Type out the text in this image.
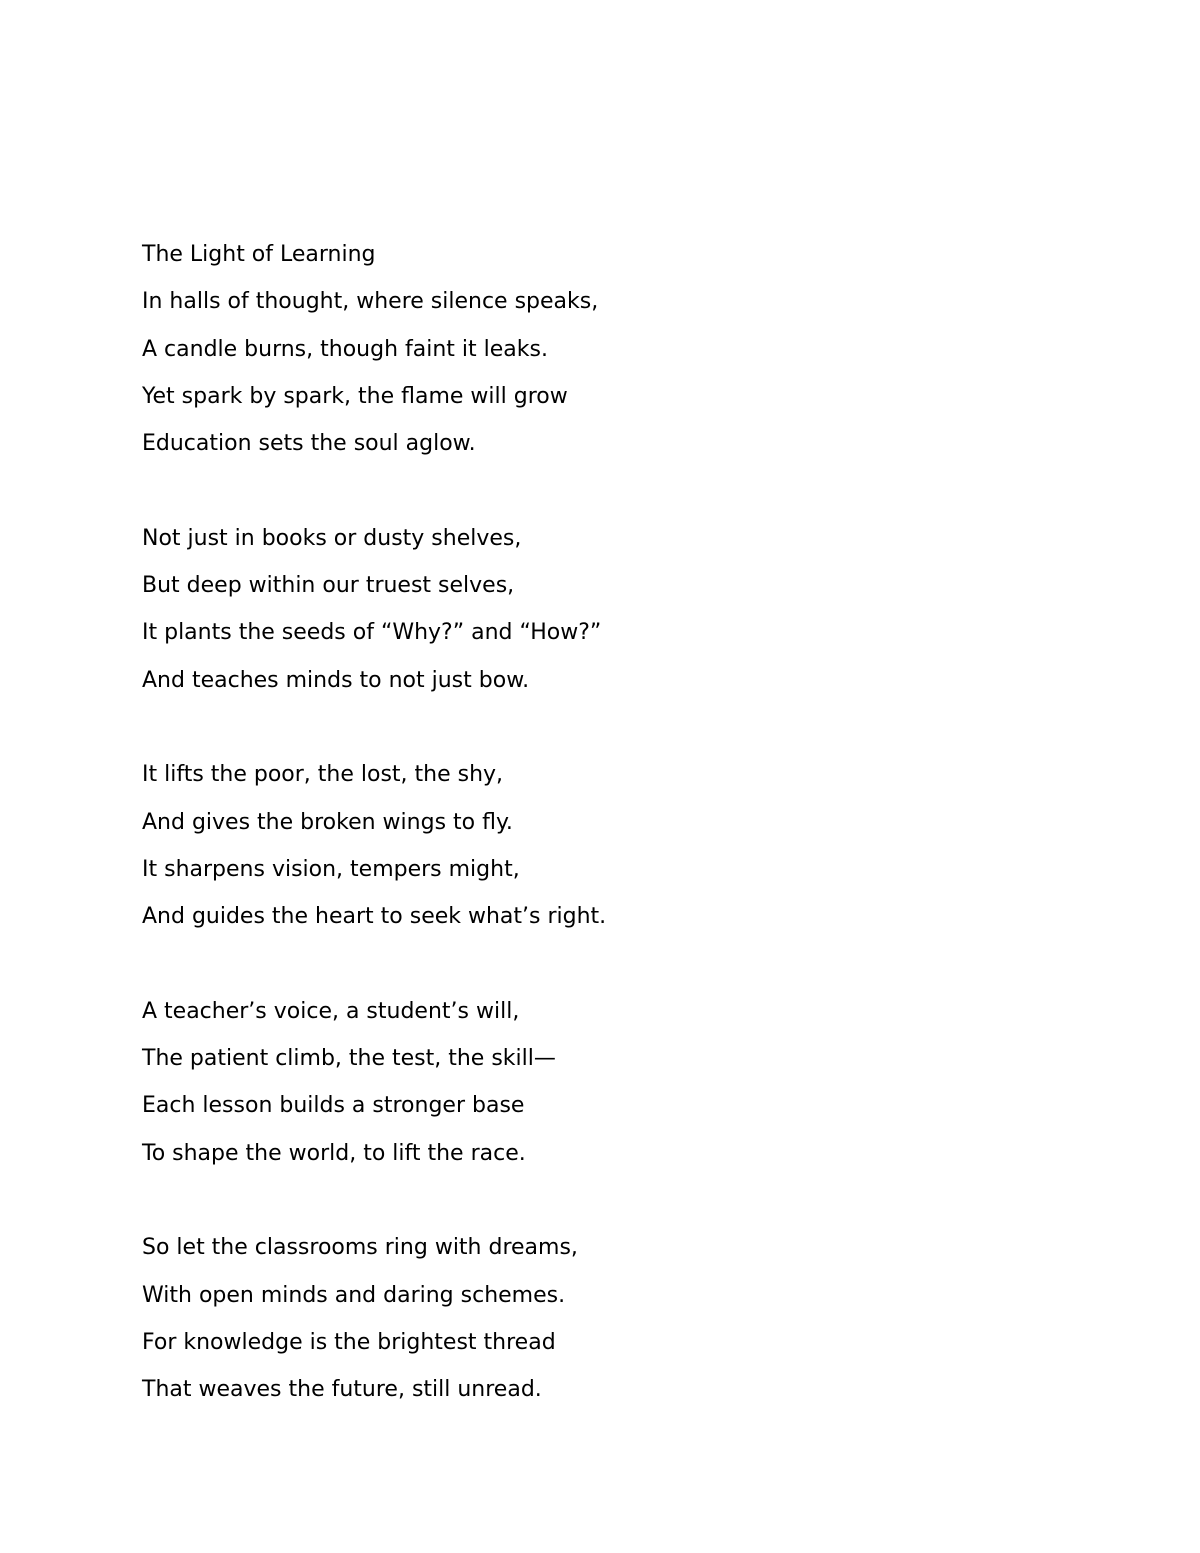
The Light of Learning
In halls of thought, where silence speaks,
A candle burns, though faint it leaks.
Yet spark by spark, the flame will grow
Education sets the soul aglow.
Not just in books or dusty shelves,
But deep within our truest selves,
It plants the seeds of “Why?” and “How?”
And teaches minds to not just bow.
It lifts the poor, the lost, the shy,
And gives the broken wings to fly.
It sharpens vision, tempers might,
And guides the heart to seek what’s right.
A teacher’s voice, a student’s will,
The patient climb, the test, the skill—
Each lesson builds a stronger base
To shape the world, to lift the race.
So let the classrooms ring with dreams,
With open minds and daring schemes.
For knowledge is the brightest thread
That weaves the future, still unread.
